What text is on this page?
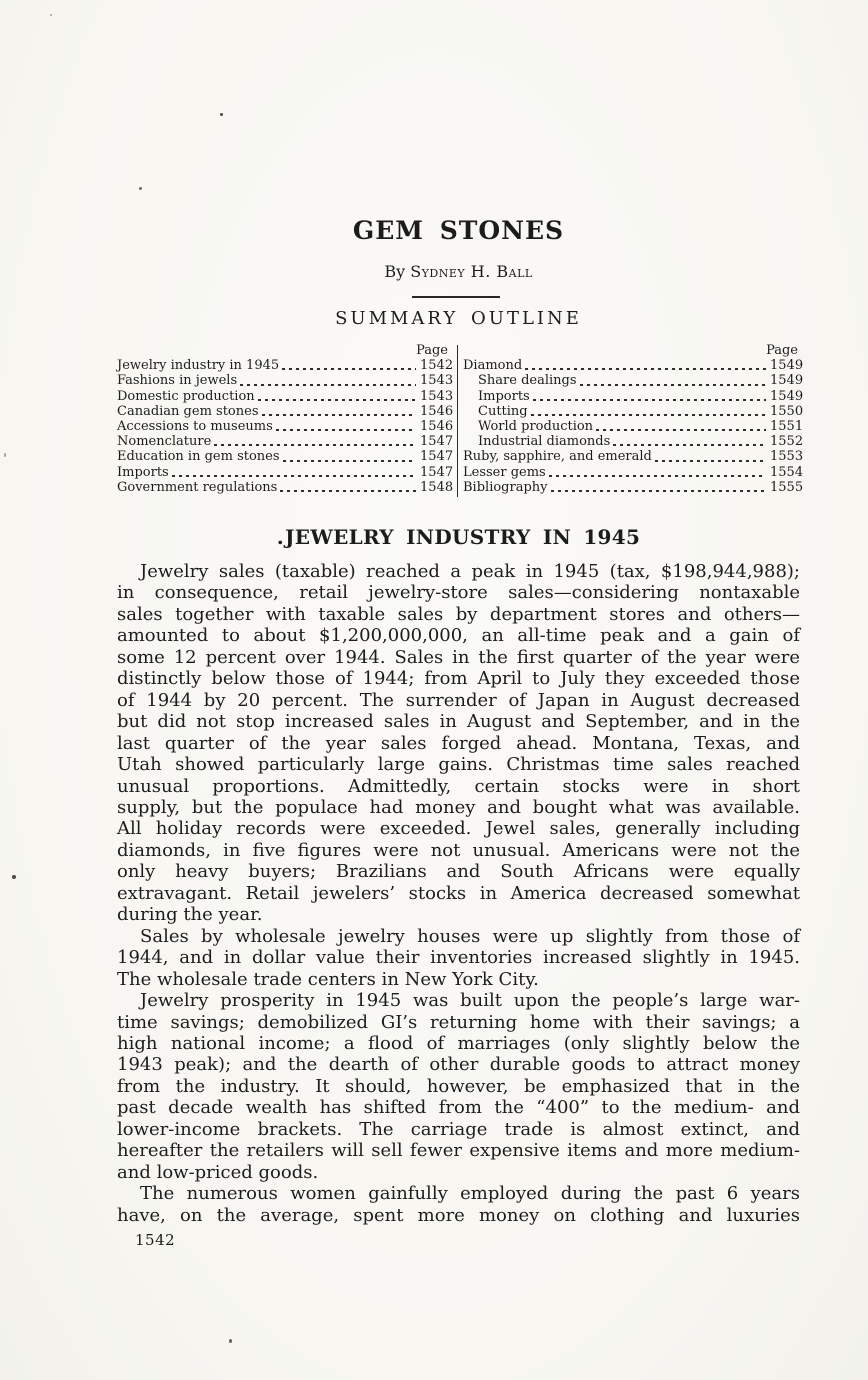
GEM STONES
By Sydney H. Ball
SUMMARY OUTLINE
Page
Jewelry industry in 1945	1542
Fashions in jewels	1543
Domestic production	1543
Canadian gem stones	1546
Accessions to museums	1546
Nomenclature	1547
Education in gem stones	1547
Imports	1547
Government regulations	1548
Page
Diamond	1549
Share dealings	1549
Imports	1549
Cutting	1550
World production	1551
Industrial diamonds	1552
Ruby, sapphire, and emerald	1553
Lesser gems	1554
Bibliography	1555
.JEWELRY INDUSTRY IN 1945
Jewelry sales (taxable) reached a peak in 1945 (tax, $198,944,988);
in consequence, retail jewelry-store sales—considering nontaxable
sales together with taxable sales by department stores and others—
amounted to about $1,200,000,000, an all-time peak and a gain of
some 12 percent over 1944. Sales in the first quarter of the year were
distinctly below those of 1944; from April to July they exceeded those
of 1944 by 20 percent. The surrender of Japan in August decreased
but did not stop increased sales in August and September, and in the
last quarter of the year sales forged ahead. Montana, Texas, and
Utah showed particularly large gains. Christmas time sales reached
unusual proportions. Admittedly, certain stocks were in short
supply, but the populace had money and bought what was available.
All holiday records were exceeded. Jewel sales, generally including
diamonds, in five figures were not unusual. Americans were not the
only heavy buyers; Brazilians and South Africans were equally
extravagant. Retail jewelers’ stocks in America decreased somewhat
during the year.
Sales by wholesale jewelry houses were up slightly from those of
1944, and in dollar value their inventories increased slightly in 1945.
The wholesale trade centers in New York City.
Jewelry prosperity in 1945 was built upon the people’s large war-
time savings; demobilized GI’s returning home with their savings; a
high national income; a flood of marriages (only slightly below the
1943 peak); and the dearth of other durable goods to attract money
from the industry. It should, however, be emphasized that in the
past decade wealth has shifted from the “400” to the medium- and
lower-income brackets. The carriage trade is almost extinct, and
hereafter the retailers will sell fewer expensive items and more medium-
and low-priced goods.
The numerous women gainfully employed during the past 6 years
have, on the average, spent more money on clothing and luxuries
1542
